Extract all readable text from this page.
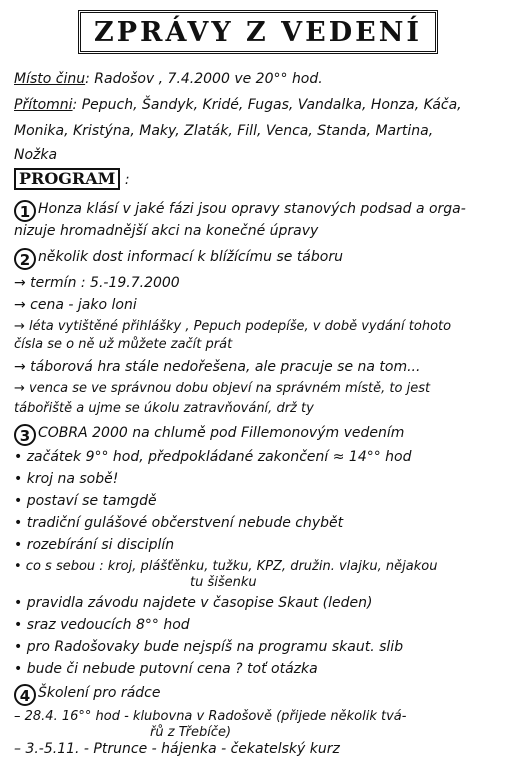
ZPRÁVY Z VEDENÍ
Místo činu: Radošov , 7.4.2000 ve 20°° hod.
Přítomni: Pepuch, Šandyk, Kridé, Fugas, Vandalka, Honza, Káča,
Monika, Kristýna, Maky, Zlaták, Fill, Venca, Standa, Martina,
Nožka
PROGRAM :
1 Honza klásí v jaké fázi jsou opravy stanových podsad a orga-
nizuje hromadnější akci na konečné úpravy
2 několik dost informací k blížícímu se táboru
→ termín : 5.-19.7.2000
→ cena - jako loni
→ léta vytištěné přihlášky , Pepuch podepíše, v době vydání tohoto
čísla se o ně už můžete začít prát
→ táborová hra stále nedořešena, ale pracuje se na tom...
→ venca se ve správnou dobu objeví na správném místě, to jest
tábořiště a ujme se úkolu zatravňování, drž ty
3 COBRA 2000 na chlumě pod Fillemonovým vedením
• začátek 9°° hod, předpokládané zakončení ≈ 14°° hod
• kroj na sobě!
• postaví se tamgdě
• tradiční gulášové občerstvení nebude chybět
• rozebírání si disciplín
• co s sebou : kroj, plášťěnku, tužku, KPZ, družin. vlajku, nějakou
tu šišenku
• pravidla závodu najdete v časopise Skaut (leden)
• sraz vedoucích 8°° hod
• pro Radošovaky bude nejspíš na programu skaut. slib
• bude či nebude putovní cena ? toť otázka
4 Školení pro rádce
– 28.4. 16°° hod - klubovna v Radošově (přijede několik tvá-
řů z Třebíče)
– 3.-5.11. - Ptrunce - hájenka - čekatelský kurz
